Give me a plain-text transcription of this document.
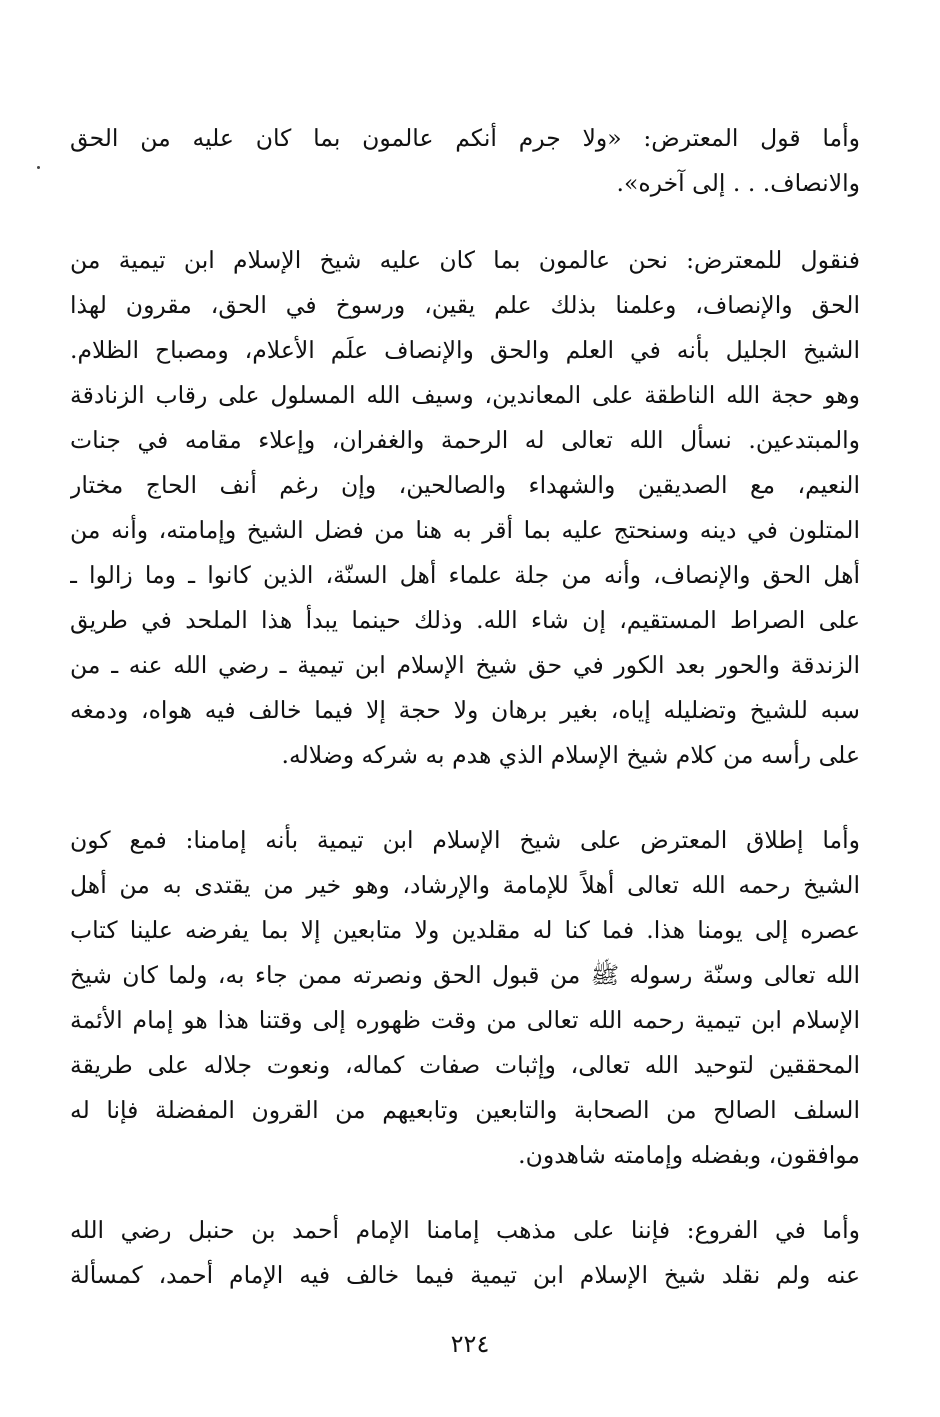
وأما قول المعترض: «ولا جرم أنكم عالمون بما كان عليه من الحق
والانصاف. . . إلى آخره».
فنقول للمعترض: نحن عالمون بما كان عليه شيخ الإسلام ابن تيمية من
الحق والإنصاف، وعلمنا بذلك علم يقين، ورسوخ في الحق، مقرون لهذا
الشيخ الجليل بأنه في العلم والحق والإنصاف علَم الأعلام، ومصباح الظلام.
وهو حجة الله الناطقة على المعاندين، وسيف الله المسلول على رقاب الزنادقة
والمبتدعين. نسأل الله تعالى له الرحمة والغفران، وإعلاء مقامه في جنات
النعيم، مع الصديقين والشهداء والصالحين، وإن رغم أنف الحاج مختار
المتلون في دينه وسنحتج عليه بما أقر به هنا من فضل الشيخ وإمامته، وأنه من
أهل الحق والإنصاف، وأنه من جلة علماء أهل السنّة، الذين كانوا ـ وما زالوا ـ
على الصراط المستقيم، إن شاء الله. وذلك حينما يبدأ هذا الملحد في طريق
الزندقة والحور بعد الكور في حق شيخ الإسلام ابن تيمية ـ رضي الله عنه ـ من
سبه للشيخ وتضليله إياه، بغير برهان ولا حجة إلا فيما خالف فيه هواه، ودمغه
على رأسه من كلام شيخ الإسلام الذي هدم به شركه وضلاله.
وأما إطلاق المعترض على شيخ الإسلام ابن تيمية بأنه إمامنا: فمع كون
الشيخ رحمه الله تعالى أهلاً للإمامة والإرشاد، وهو خير من يقتدى به من أهل
عصره إلى يومنا هذا. فما كنا له مقلدين ولا متابعين إلا بما يفرضه علينا كتاب
الله تعالى وسنّة رسوله ﷺ من قبول الحق ونصرته ممن جاء به، ولما كان شيخ
الإسلام ابن تيمية رحمه الله تعالى من وقت ظهوره إلى وقتنا هذا هو إمام الأئمة
المحققين لتوحيد الله تعالى، وإثبات صفات كماله، ونعوت جلاله على طريقة
السلف الصالح من الصحابة والتابعين وتابعيهم من القرون المفضلة فإنا له
موافقون، وبفضله وإمامته شاهدون.
وأما في الفروع: فإننا على مذهب إمامنا الإمام أحمد بن حنبل رضي الله
عنه ولم نقلد شيخ الإسلام ابن تيمية فيما خالف فيه الإمام أحمد، كمسألة
٢٢٤
